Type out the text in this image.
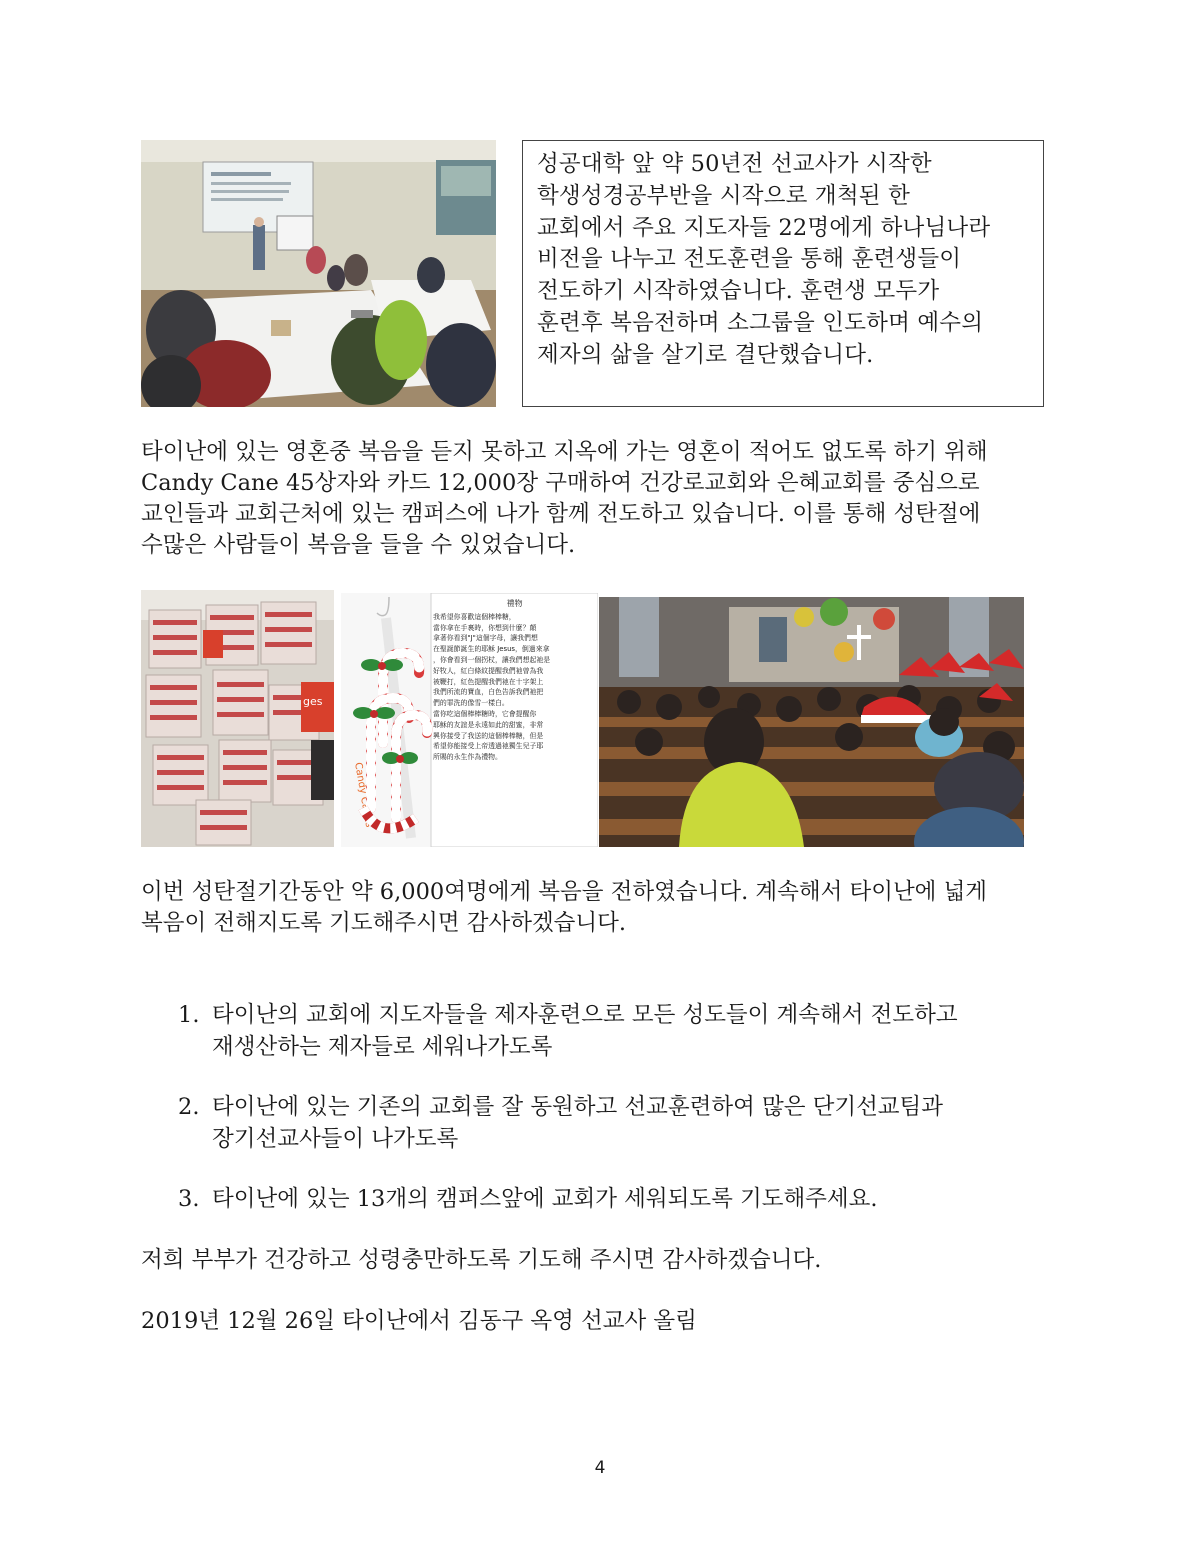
성공대학 앞 약 50년전 선교사가 시작한

학생성경공부반을 시작으로 개척된 한

교회에서 주요 지도자들 22명에게 하나님나라

비전을 나누고 전도훈련을 통해 훈련생들이

전도하기 시작하였습니다. 훈련생 모두가

훈련후 복음전하며 소그룹을 인도하며 예수의

제자의 삶을 살기로 결단했습니다.

타이난에 있는 영혼중 복음을 듣지 못하고 지옥에 가는 영혼이 적어도 없도록 하기 위해
Candy Cane 45상자와 카드 12,000장 구매하여 건강로교회와 은혜교회를 중심으로
교인들과 교회근처에 있는 캠퍼스에 나가 함께 전도하고 있습니다. 이를 통해 성탄절에
수많은 사람들이 복음을 들을 수 있었습니다.
ges
Candy Canes
禮物
我希望你喜歡這個棒棒糖，
當你拿在手裏時，你想到什麼？顛
拿著你看到"J"這個字母，讓我們想
在聖誕節誕生的耶穌 Jesus，倒過來拿
，你會看到一個拐杖，讓我們想起祂是
好牧人，紅白條紋提醒我們祂曾為我
被鞭打，紅色提醒我們祂在十字架上
我們所流的寶血，白色告訴我們祂把
們的罪洗的像雪一樣白。
當你吃這個棒棒糖時，它會提醒你
耶穌的友誼是永遠如此的甜蜜，非常
興你接受了我送的這個棒棒糖，但是
希望你能接受上帝透過祂獨生兒子耶
所賜的永生作為禮物。
이번 성탄절기간동안 약 6,000여명에게 복음을 전하였습니다. 계속해서 타이난에 넓게
복음이 전해지도록 기도해주시면 감사하겠습니다.
1. 타이난의 교회에 지도자들을 제자훈련으로 모든 성도들이 계속해서 전도하고
재생산하는 제자들로 세워나가도록
2. 타이난에 있는 기존의 교회를 잘 동원하고 선교훈련하여 많은 단기선교팀과
장기선교사들이 나가도록
3. 타이난에 있는 13개의 캠퍼스앞에 교회가 세워되도록 기도해주세요.
저희 부부가 건강하고 성령충만하도록 기도해 주시면 감사하겠습니다.
2019년 12월 26일 타이난에서 김동구 옥영 선교사 올림
4
